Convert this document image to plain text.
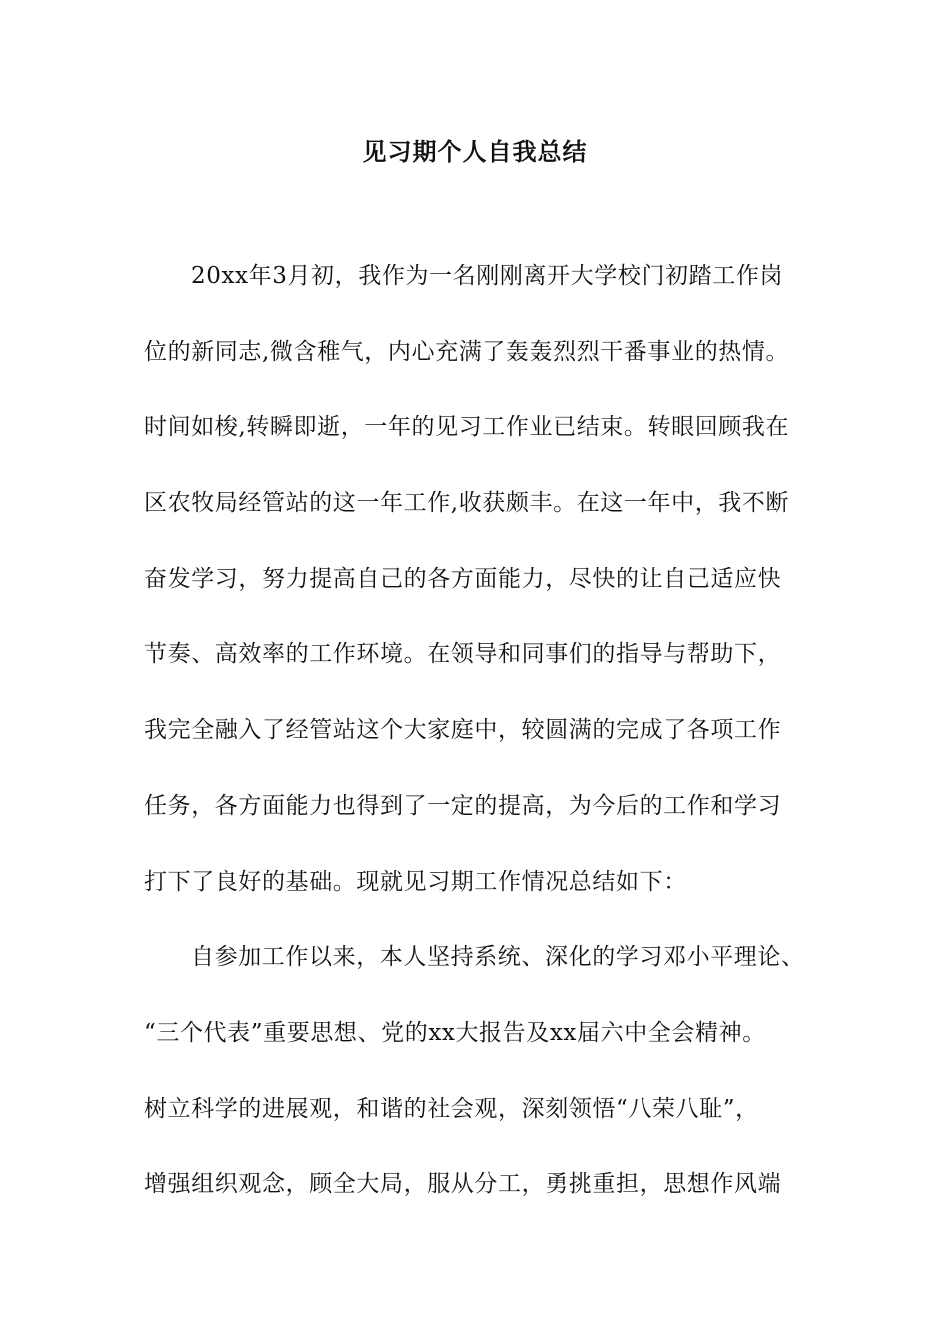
见习期个人自我总结
20xx年3月初，我作为一名刚刚离开大学校门初踏工作岗
位的新同志,微含稚气，内心充满了轰轰烈烈干番事业的热情。
时间如梭,转瞬即逝，一年的见习工作业已结束。转眼回顾我在
区农牧局经管站的这一年工作,收获颇丰。在这一年中，我不断
奋发学习，努力提高自己的各方面能力，尽快的让自己适应快
节奏、高效率的工作环境。在领导和同事们的指导与帮助下，
我完全融入了经管站这个大家庭中，较圆满的完成了各项工作
任务，各方面能力也得到了一定的提高，为今后的工作和学习
打下了良好的基础。现就见习期工作情况总结如下：
自参加工作以来，本人坚持系统、深化的学习邓小平理论、
“三个代表”重要思想、党的xx大报告及xx届六中全会精神。
树立科学的进展观，和谐的社会观，深刻领悟“八荣八耻”，
增强组织观念，顾全大局，服从分工，勇挑重担，思想作风端
